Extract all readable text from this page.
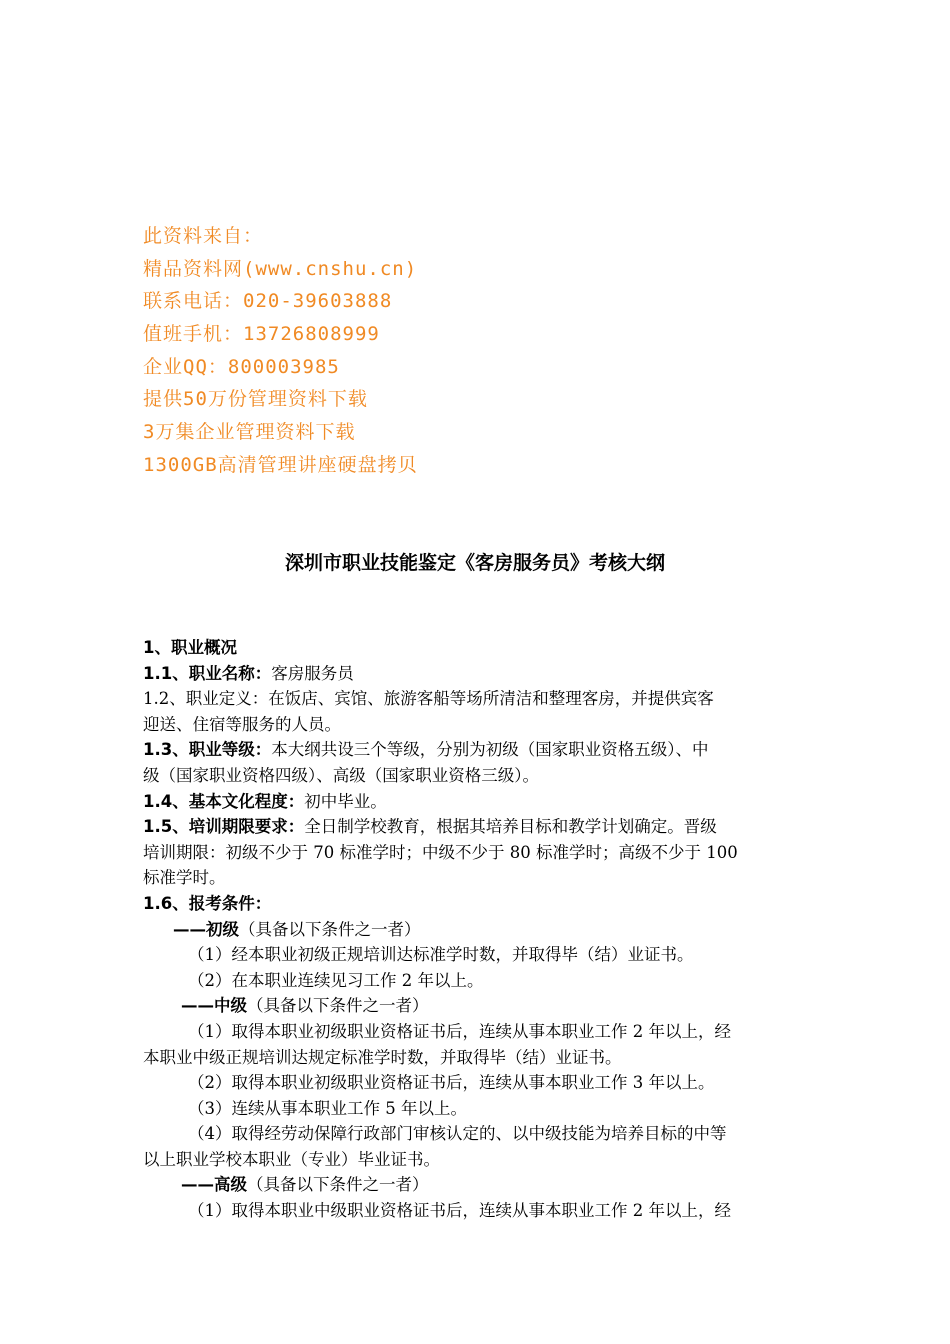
此资料来自：
精品资料网(www.cnshu.cn)
联系电话：020-39603888
值班手机：13726808999
企业QQ：800003985
提供50万份管理资料下载
3万集企业管理资料下载
1300GB高清管理讲座硬盘拷贝
深圳市职业技能鉴定《客房服务员》考核大纲
1、职业概况
1.1、职业名称：客房服务员
1.2、职业定义：在饭店、宾馆、旅游客船等场所清洁和整理客房，并提供宾客
迎送、住宿等服务的人员。
1.3、职业等级：本大纲共设三个等级，分别为初级（国家职业资格五级）、中
级（国家职业资格四级）、高级（国家职业资格三级）。
1.4、基本文化程度：初中毕业。
1.5、培训期限要求：全日制学校教育，根据其培养目标和教学计划确定。晋级
培训期限：初级不少于 70 标准学时；中级不少于 80 标准学时；高级不少于 100
标准学时。
1.6、报考条件：
——初级（具备以下条件之一者）
（1）经本职业初级正规培训达标准学时数，并取得毕（结）业证书。
（2）在本职业连续见习工作 2 年以上。
——中级（具备以下条件之一者）
（1）取得本职业初级职业资格证书后，连续从事本职业工作 2 年以上，经
本职业中级正规培训达规定标准学时数，并取得毕（结）业证书。
（2）取得本职业初级职业资格证书后，连续从事本职业工作 3 年以上。
（3）连续从事本职业工作 5 年以上。
（4）取得经劳动保障行政部门审核认定的、以中级技能为培养目标的中等
以上职业学校本职业（专业）毕业证书。
——高级（具备以下条件之一者）
（1）取得本职业中级职业资格证书后，连续从事本职业工作 2 年以上，经
